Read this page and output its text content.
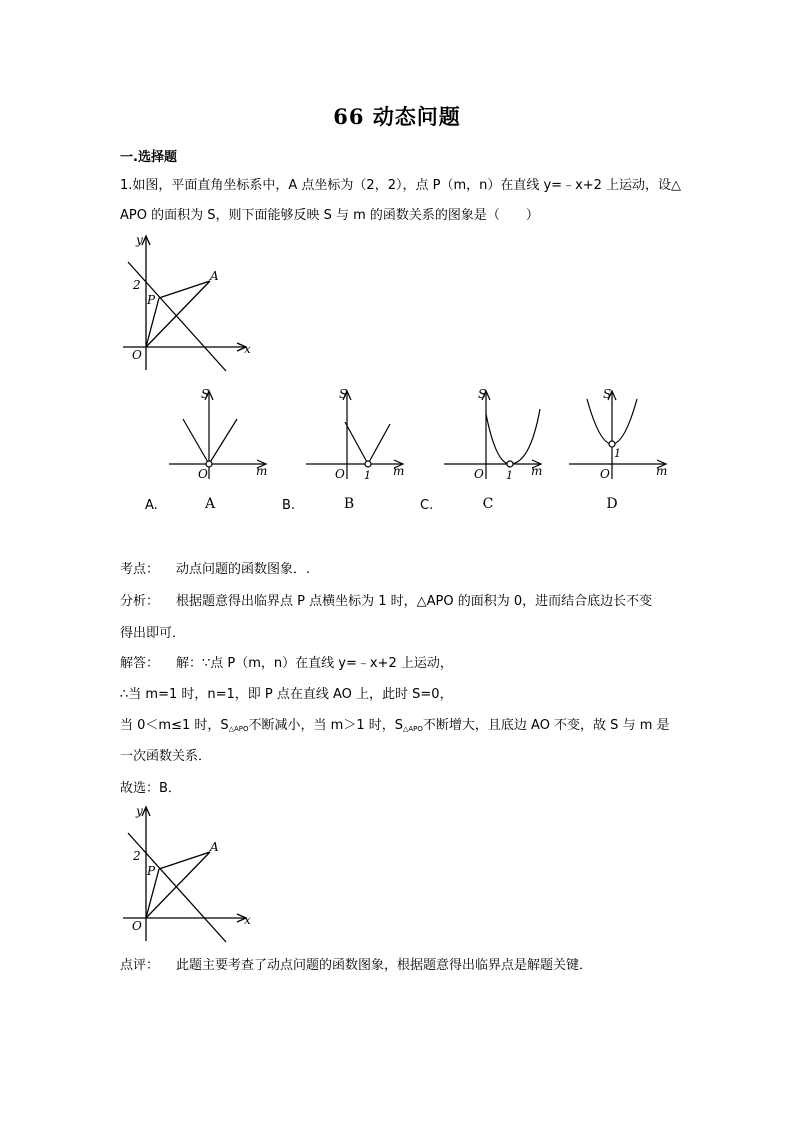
66 动态问题
一.选择题
1.如图，平面直角坐标系中，A 点坐标为（2，2），点 P（m，n）在直线 y=﹣x+2 上运动，设△
APO 的面积为 S，则下面能够反映 S 与 m 的函数关系的图象是（　　）
y
x
O
2
A
P
S
m
O
S
m
O 1
S
m
O 1
S
m
O
1
A.	A	B.	B	C.	C	D
考点： 动点问题的函数图象．.
分析： 根据题意得出临界点 P 点横坐标为 1 时，△APO 的面积为 0，进而结合底边长不变
得出即可．
解答： 解：∵点 P（m，n）在直线 y=﹣x+2 上运动，
∴当 m=1 时，n=1，即 P 点在直线 AO 上，此时 S=0，
当 0＜m≤1 时，$S_{\triangle APO}$不断减小，当 m＞1 时，$S_{\triangle APO}$不断增大，且底边 AO 不变，故 S 与 m 是
一次函数关系．
故选：B．
y
x
O
2
A
P
点评： 此题主要考查了动点问题的函数图象，根据题意得出临界点是解题关键．
